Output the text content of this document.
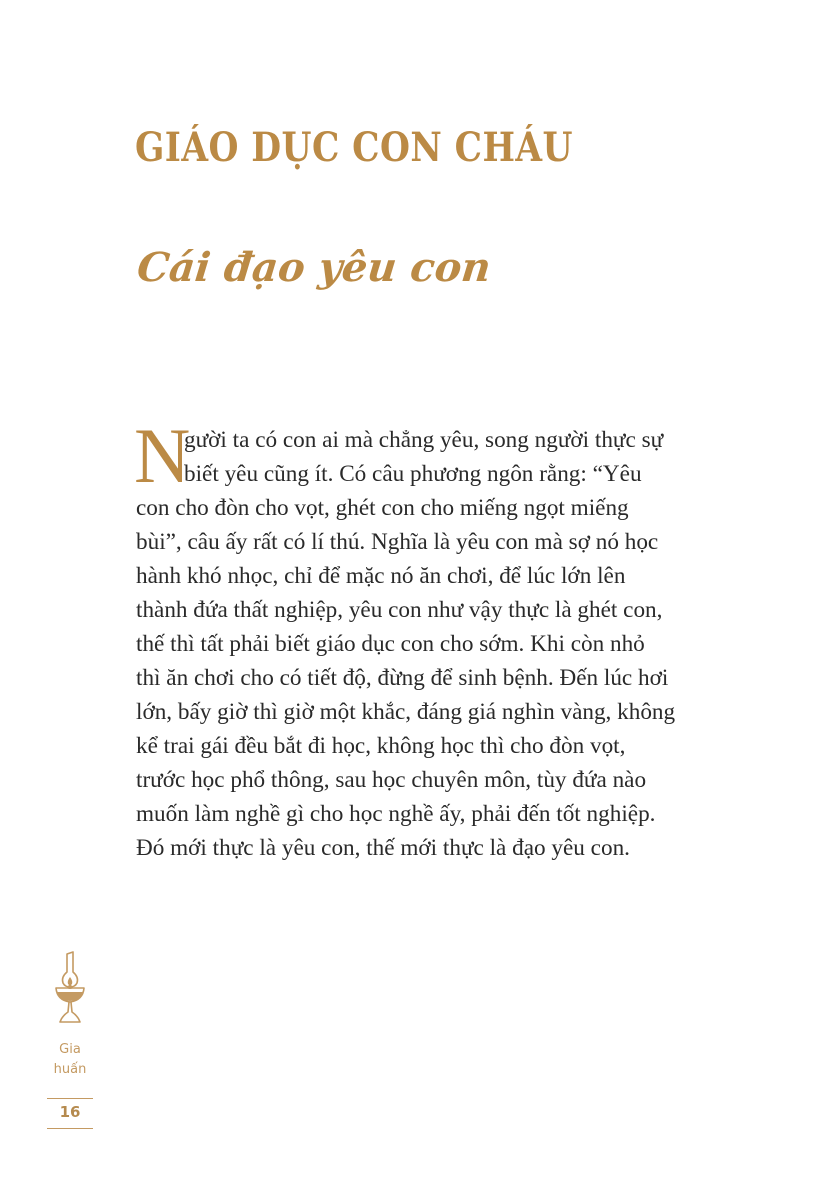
GIÁO DỤC CON CHÁU
Cái đạo yêu con
N
gười ta có con ai mà chẳng yêu, song người thực sự
biết yêu cũng ít. Có câu phương ngôn rằng: “Yêu
con cho đòn cho vọt, ghét con cho miếng ngọt miếng
bùi”, câu ấy rất có lí thú. Nghĩa là yêu con mà sợ nó học
hành khó nhọc, chỉ để mặc nó ăn chơi, để lúc lớn lên
thành đứa thất nghiệp, yêu con như vậy thực là ghét con,
thế thì tất phải biết giáo dục con cho sớm. Khi còn nhỏ
thì ăn chơi cho có tiết độ, đừng để sinh bệnh. Đến lúc hơi
lớn, bấy giờ thì giờ một khắc, đáng giá nghìn vàng, không
kể trai gái đều bắt đi học, không học thì cho đòn vọt,
trước học phổ thông, sau học chuyên môn, tùy đứa nào
muốn làm nghề gì cho học nghề ấy, phải đến tốt nghiệp.
Đó mới thực là yêu con, thế mới thực là đạo yêu con.
Gia
huấn
16
